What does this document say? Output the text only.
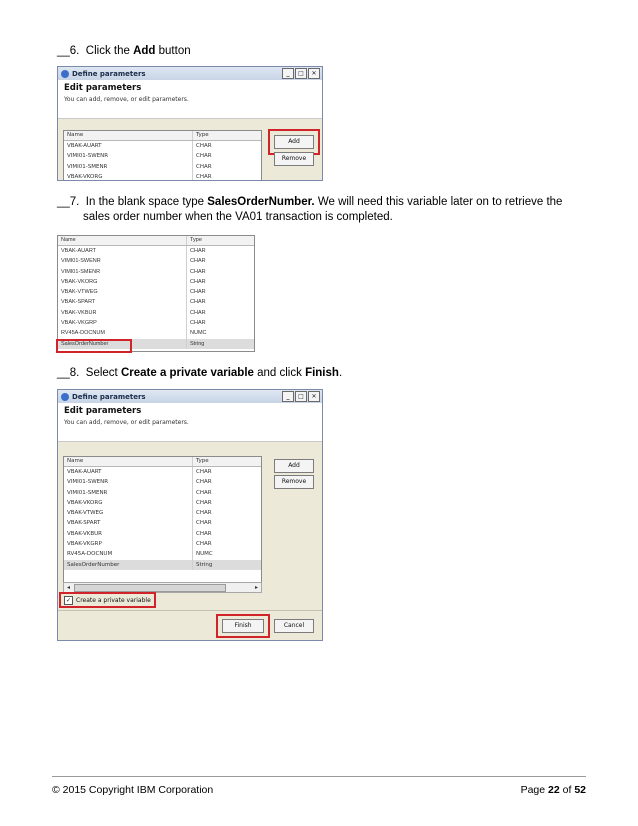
__6. Click the Add button
Define parameters	_	□	✕
Edit parameters
You can add, remove, or edit parameters.
Name	Type
VBAK-AUART	CHAR
VIMI01-SWENR	CHAR
VIMI01-SMENR	CHAR
VBAK-VKORG	CHAR
Add
Remove
__7. In the blank space type SalesOrderNumber. We will need this variable later on to retrieve the
sales order number when the VA01 transaction is completed.
Name	Type
VBAK-AUART	CHAR
VIMI01-SWENR	CHAR
VIMI01-SMENR	CHAR
VBAK-VKORG	CHAR
VBAK-VTWEG	CHAR
VBAK-SPART	CHAR
VBAK-VKBUR	CHAR
VBAK-VKGRP	CHAR
RV45A-DOCNUM	NUMC
SalesOrderNumber	String
__8. Select Create a private variable and click Finish.
Define parameters	_	□	✕
Edit parameters
You can add, remove, or edit parameters.
Name	Type
VBAK-AUART	CHAR
VIMI01-SWENR	CHAR
VIMI01-SMENR	CHAR
VBAK-VKORG	CHAR
VBAK-VTWEG	CHAR
VBAK-SPART	CHAR
VBAK-VKBUR	CHAR
VBAK-VKGRP	CHAR
RV45A-DOCNUM	NUMC
SalesOrderNumber	String
◂	▸
Add
Remove
✓ Create a private variable
Finish	Cancel
© 2015 Copyright IBM Corporation	Page 22 of 52
